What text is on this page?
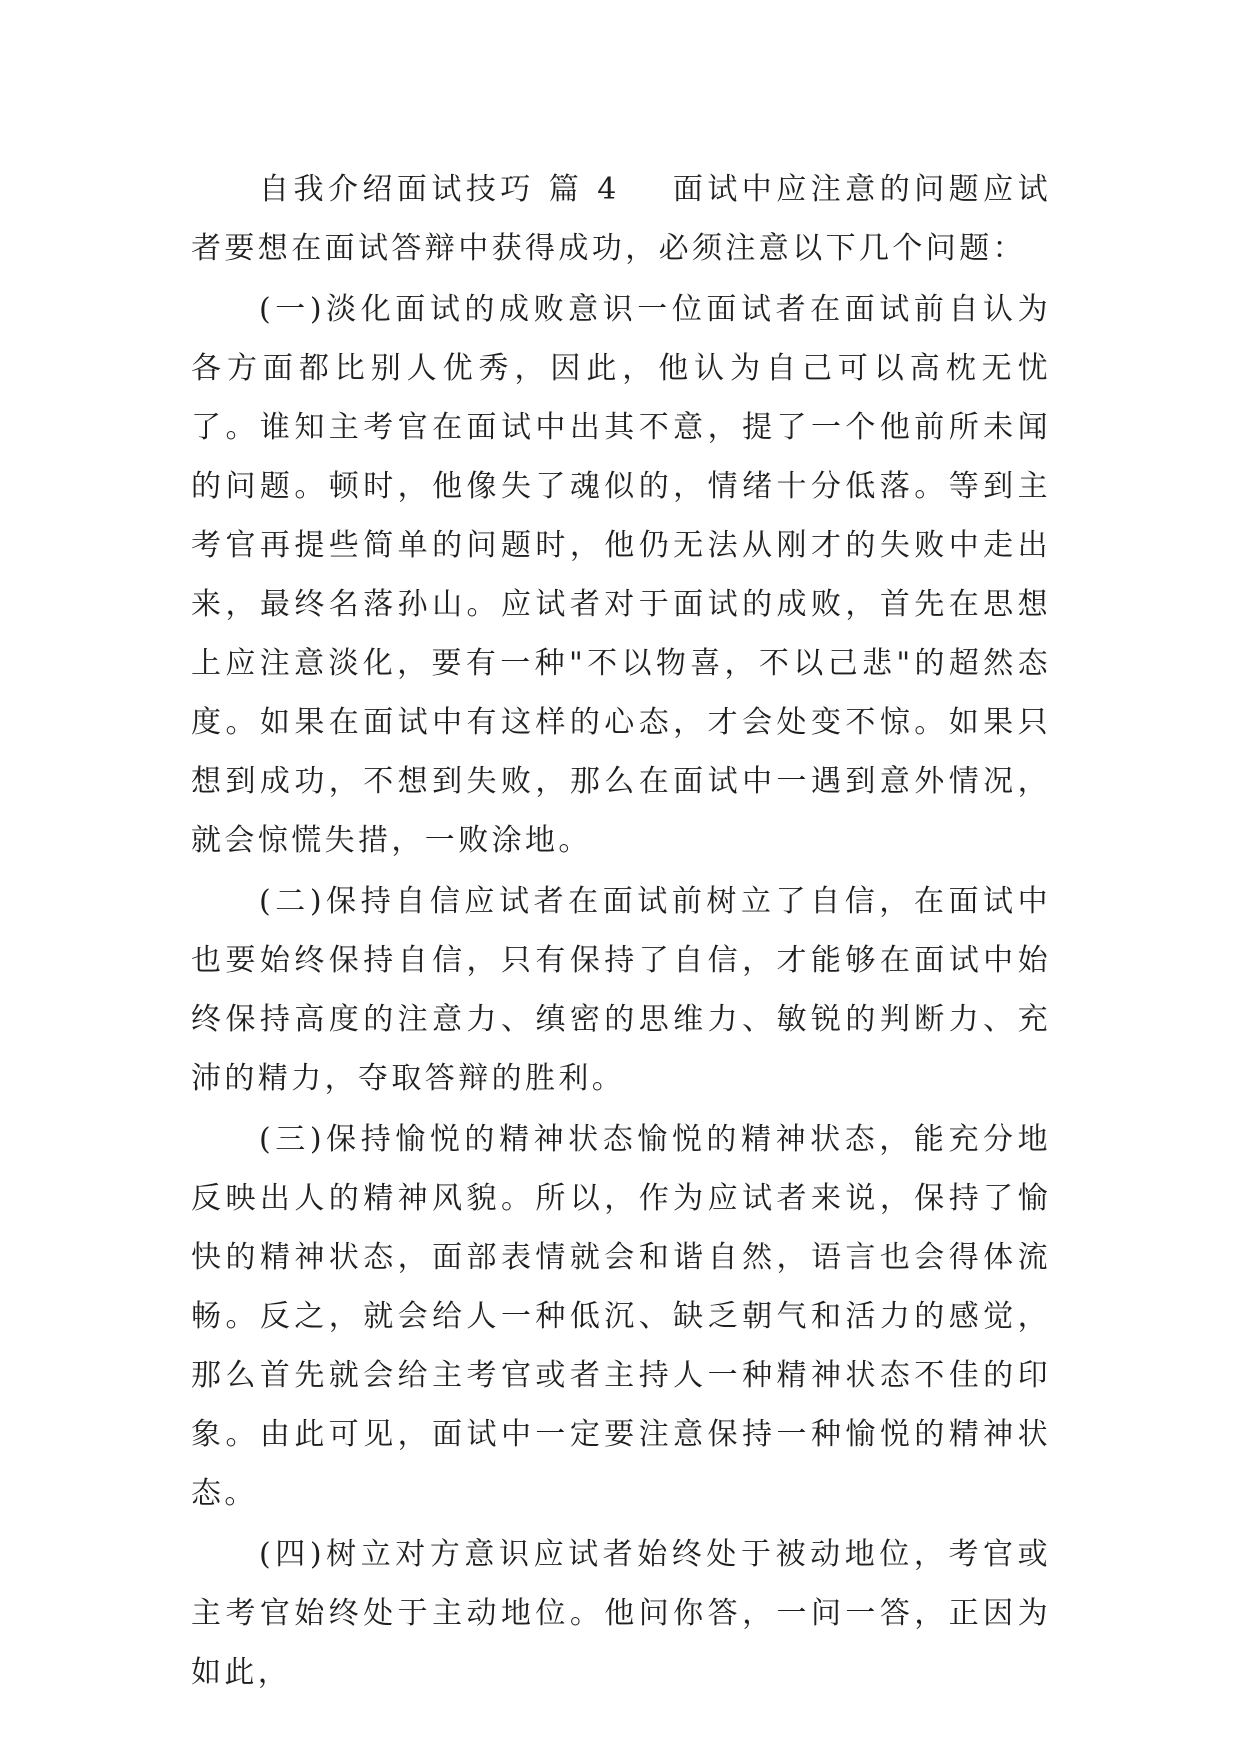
自我介绍面试技巧 篇 4 面试中应注意的问题应试者要想在面试答辩中获得成功，必须注意以下几个问题：

(一)淡化面试的成败意识一位面试者在面试前自认为各方面都比别人优秀，因此，他认为自己可以高枕无忧了。谁知主考官在面试中出其不意，提了一个他前所未闻的问题。顿时，他像失了魂似的，情绪十分低落。等到主考官再提些简单的问题时，他仍无法从刚才的失败中走出来，最终名落孙山。应试者对于面试的成败，首先在思想上应注意淡化，要有一种"不以物喜，不以己悲"的超然态度。如果在面试中有这样的心态，才会处变不惊。如果只想到成功，不想到失败，那么在面试中一遇到意外情况，就会惊慌失措，一败涂地。

(二)保持自信应试者在面试前树立了自信，在面试中也要始终保持自信，只有保持了自信，才能够在面试中始终保持高度的注意力、缜密的思维力、敏锐的判断力、充沛的精力，夺取答辩的胜利。

(三)保持愉悦的精神状态愉悦的精神状态，能充分地反映出人的精神风貌。所以，作为应试者来说，保持了愉快的精神状态，面部表情就会和谐自然，语言也会得体流畅。反之，就会给人一种低沉、缺乏朝气和活力的感觉，那么首先就会给主考官或者主持人一种精神状态不佳的印象。由此可见，面试中一定要注意保持一种愉悦的精神状态。

(四)树立对方意识应试者始终处于被动地位，考官或主考官始终处于主动地位。他问你答，一问一答，正因为如此，
